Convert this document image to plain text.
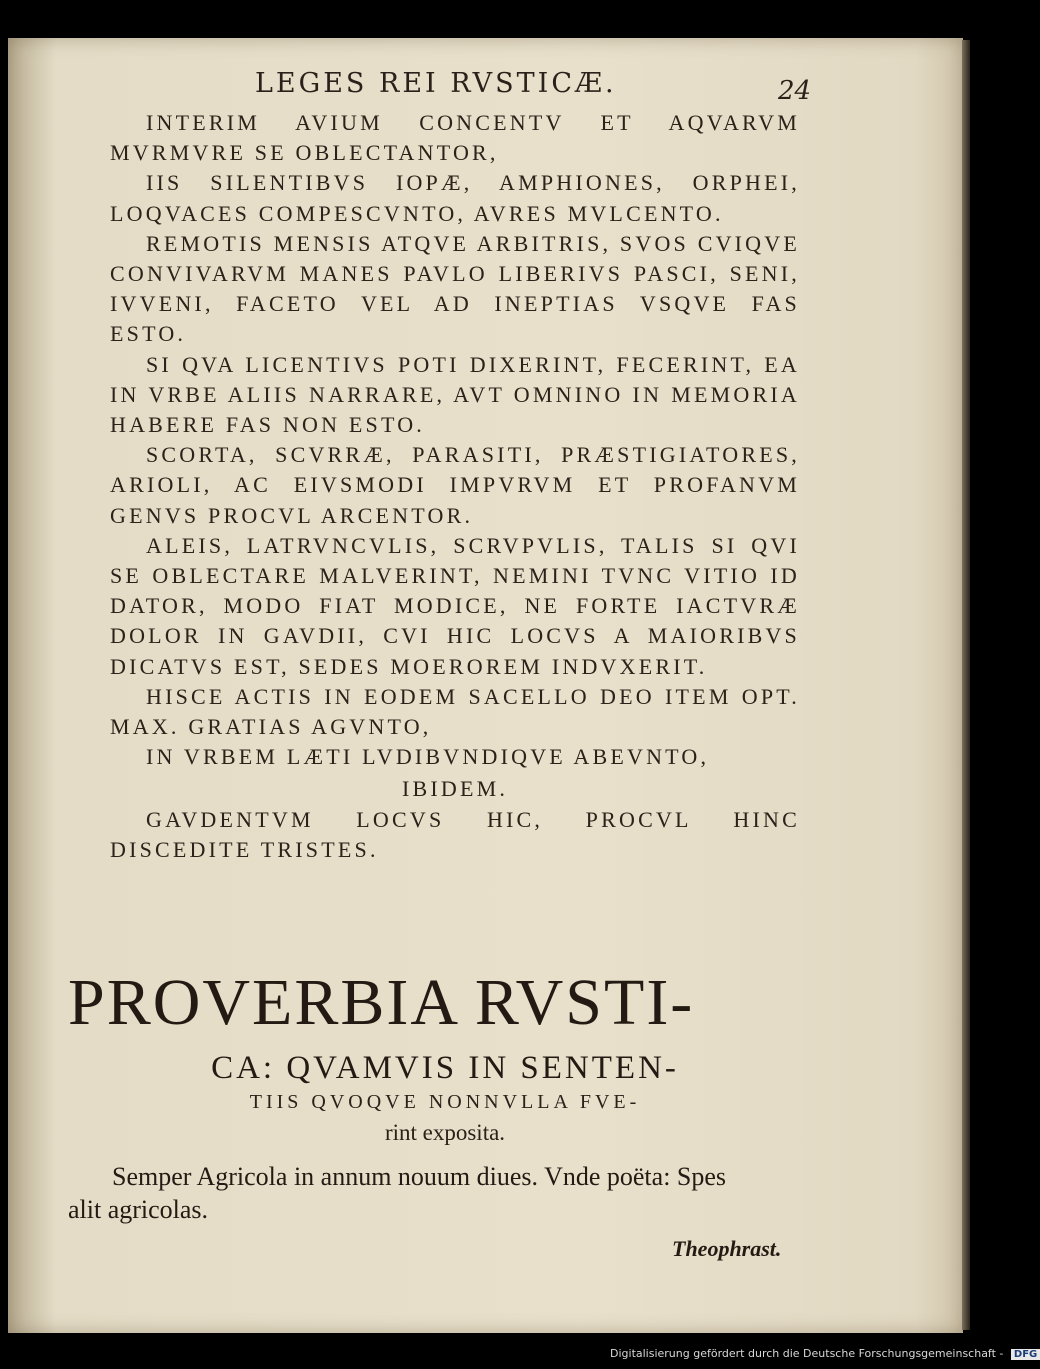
LEGES REI RVSTICÆ.	24

INTERIM AVIUM CONCENTV ET AQVARVM MVRMVRE SE OBLECTANTOR,

IIS SILENTIBVS IOPÆ, AMPHIONES, ORPHEI, LOQVACES COMPESCVNTO, AVRES MVLCENTO.

REMOTIS MENSIS ATQVE ARBITRIS, SVOS CVIQVE CONVIVARVM MANES PAVLO LIBERIVS PASCI, SENI, IVVENI, FACETO VEL AD INEPTIAS VSQVE FAS ESTO.

SI QVA LICENTIVS POTI DIXERINT, FECERINT, EA IN VRBE ALIIS NARRARE, AVT OMNINO IN MEMORIA HABERE FAS NON ESTO.

SCORTA, SCVRRÆ, PARASITI, PRÆSTIGIATORES, ARIOLI, AC EIVSMODI IMPVRVM ET PROFANVM GENVS PROCVL ARCENTOR.

ALEIS, LATRVNCVLIS, SCRVPVLIS, TALIS SI QVI SE OBLECTARE MALVERINT, NEMINI TVNC VITIO ID DATOR, MODO FIAT MODICE, NE FORTE IACTVRÆ DOLOR IN GAVDII, CVI HIC LOCVS A MAIORIBVS DICATVS EST, SEDES MOEROREM INDVXERIT.

HISCE ACTIS IN EODEM SACELLO DEO ITEM OPT. MAX. GRATIAS AGVNTO,

IN VRBEM LÆTI LVDIBVNDIQVE ABEVNTO,

IBIDEM.

GAVDENTVM LOCVS HIC, PROCVL HINC DISCEDITE TRISTES.

PROVERBIA RVSTI-
CA: QVAMVIS IN SENTEN-
TIIS QVOQVE NONNVLLA FVE-
rint exposita.
Semper Agricola in annum nouum diues. Vnde poëta: Spes
alit agricolas.
Theophrast.
Digitalisierung gefördert durch die Deutsche Forschungsgemeinschaft - DFG
